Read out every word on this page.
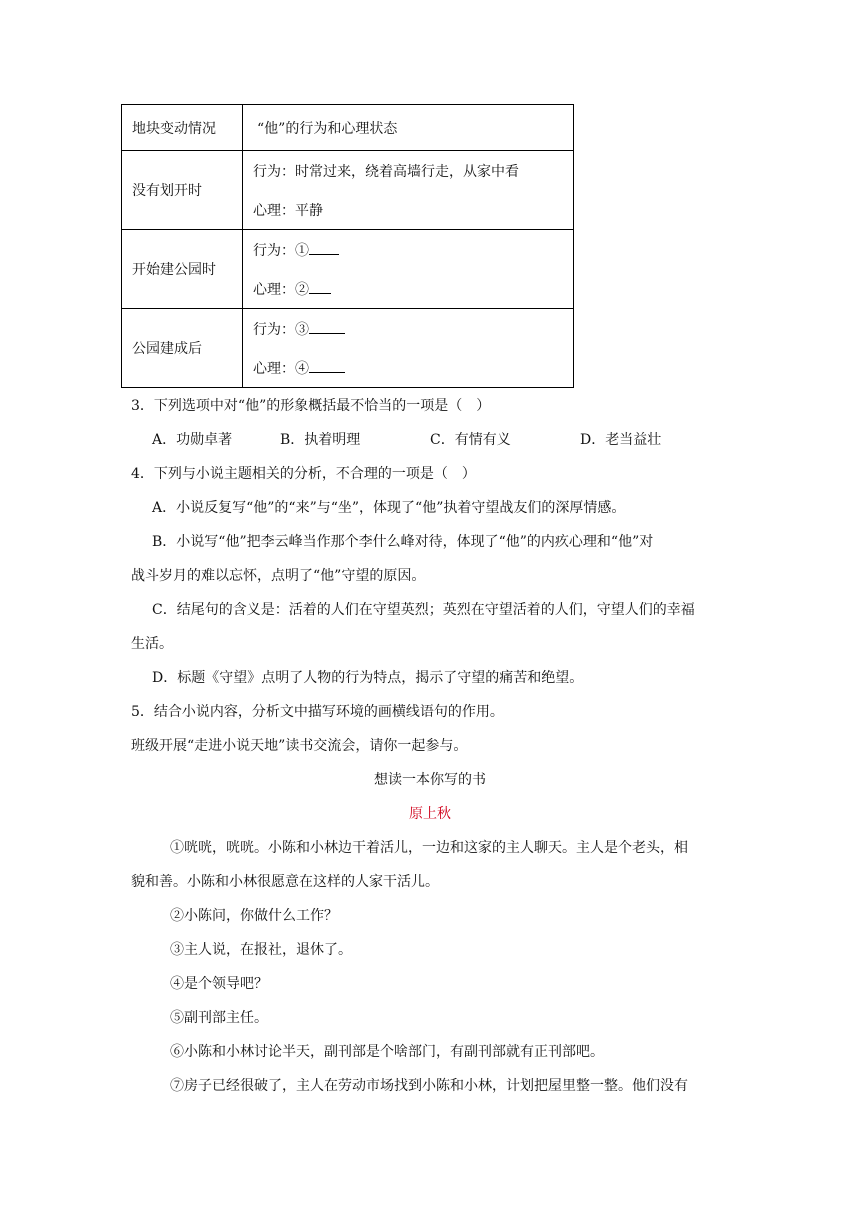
地块变动情况	“他”的行为和心理状态
没有划开时	行为：时常过来，绕着高墙行走，从家中看
心理：平静

开始建公园时	行为：①
心理：②

公园建成后	行为：③
心理：④
3．下列选项中对“他”的形象概括最不恰当的一项是（　）
A．功勋卓著	B．执着明理	C．有情有义	D．老当益壮
4．下列与小说主题相关的分析，不合理的一项是（　）
A．小说反复写“他”的“来”与“坐”，体现了“他”执着守望战友们的深厚情感。
B．小说写“他”把李云峰当作那个李什么峰对待，体现了“他”的内疚心理和“他”对
战斗岁月的难以忘怀，点明了“他”守望的原因。
C．结尾句的含义是：活着的人们在守望英烈；英烈在守望活着的人们，守望人们的幸福
生活。
D．标题《守望》点明了人物的行为特点，揭示了守望的痛苦和绝望。
5．结合小说内容，分析文中描写环境的画横线语句的作用。
班级开展“走进小说天地”读书交流会，请你一起参与。
想读一本你写的书
原上秋
①咣咣，咣咣。小陈和小林边干着活儿，一边和这家的主人聊天。主人是个老头，相
貌和善。小陈和小林很愿意在这样的人家干活儿。
②小陈问，你做什么工作？
③主人说，在报社，退休了。
④是个领导吧？
⑤副刊部主任。
⑥小陈和小林讨论半天，副刊部是个啥部门，有副刊部就有正刊部吧。
⑦房子已经很破了，主人在劳动市场找到小陈和小林，计划把屋里整一整。他们没有
